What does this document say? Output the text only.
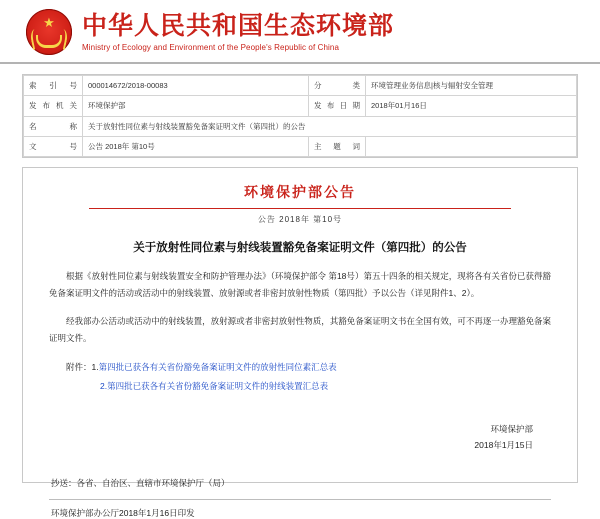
★ 中华人民共和国生态环境部
Ministry of Ecology and Environment of the People's Republic of China
索引号	000014672/2018-00083	分类	环境管理业务信息|核与辐射安全管理
发布机关	环境保护部	发布日期	2018年01月16日
名称	关于放射性同位素与射线装置豁免备案证明文件（第四批）的公告		
文号	公告 2018年 第10号	主题词	
环境保护部公告
公告 2018年 第10号
关于放射性同位素与射线装置豁免备案证明文件（第四批）的公告
根据《放射性同位素与射线装置安全和防护管理办法》（环境保护部令 第18号）第五十四条的相关规定，现将各有关省份已获得豁免备案证明文件的活动或活动中的射线装置、放射源或者非密封放射性物质（第四批）予以公告（详见附件1、2）。
经我部办公活动或活动中的射线装置，放射源或者非密封放射性物质，其豁免备案证明文书在全国有效，可不再逐一办理豁免备案证明文件。
附件：1.第四批已获各有关省份豁免备案证明文件的放射性同位素汇总表
2.第四批已获各有关省份豁免备案证明文件的射线装置汇总表
环境保护部
2018年1月15日
抄送：各省、自治区、直辖市环境保护厅（局）
环境保护部办公厅2018年1月16日印发
